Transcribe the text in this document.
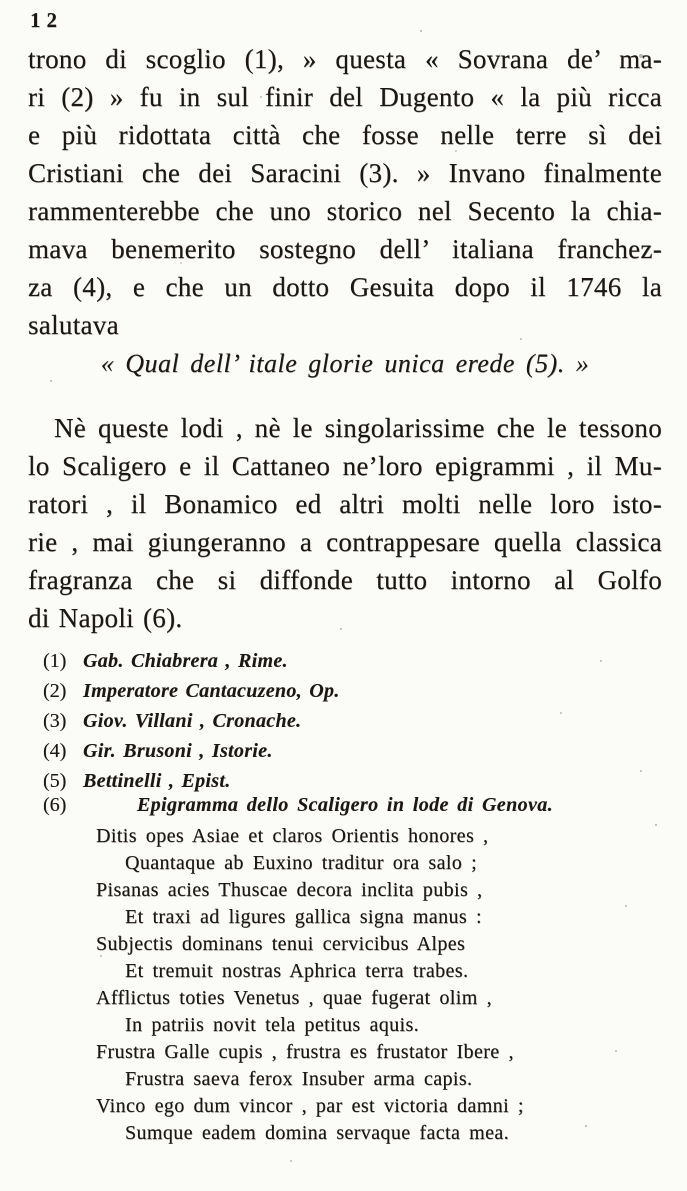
12
trono di scoglio (1), » questa « Sovrana de’ ma-
ri (2) » fu in sul finir del Dugento « la più ricca
e più ridottata città che fosse nelle terre sì dei
Cristiani che dei Saracini (3). » Invano finalmente
rammenterebbe che uno storico nel Secento la chia-
mava benemerito sostegno dell’ italiana franchez-
za (4), e che un dotto Gesuita dopo il 1746 la
salutava
« Qual dell’ itale glorie unica erede (5). »
Nè queste lodi , nè le singolarissime che le tessono
lo Scaligero e il Cattaneo ne’loro epigrammi , il Mu-
ratori , il Bonamico ed altri molti nelle loro isto-
rie , mai giungeranno a contrappesare quella classica
fragranza che si diffonde tutto intorno al Golfo
di Napoli (6).
(1) Gab. Chiabrera , Rime.
(2) Imperatore Cantacuzeno, Op.
(3) Giov. Villani , Cronache.
(4) Gir. Brusoni , Istorie.
(5) Bettinelli , Epist.
(6)	Epigramma dello Scaligero in lode di Genova.
Ditis opes Asiae et claros Orientis honores ,
Quantaque ab Euxino traditur ora salo ;
Pisanas acies Thuscae decora inclita pubis ,
Et traxi ad ligures gallica signa manus :
Subjectis dominans tenui cervicibus Alpes
Et tremuit nostras Aphrica terra trabes.
Afflictus toties Venetus , quae fugerat olim ,
In patriis novit tela petitus aquis.
Frustra Galle cupis , frustra es frustator Ibere ,
Frustra saeva ferox Insuber arma capis.
Vinco ego dum vincor , par est victoria damni ;
Sumque eadem domina servaque facta mea.
